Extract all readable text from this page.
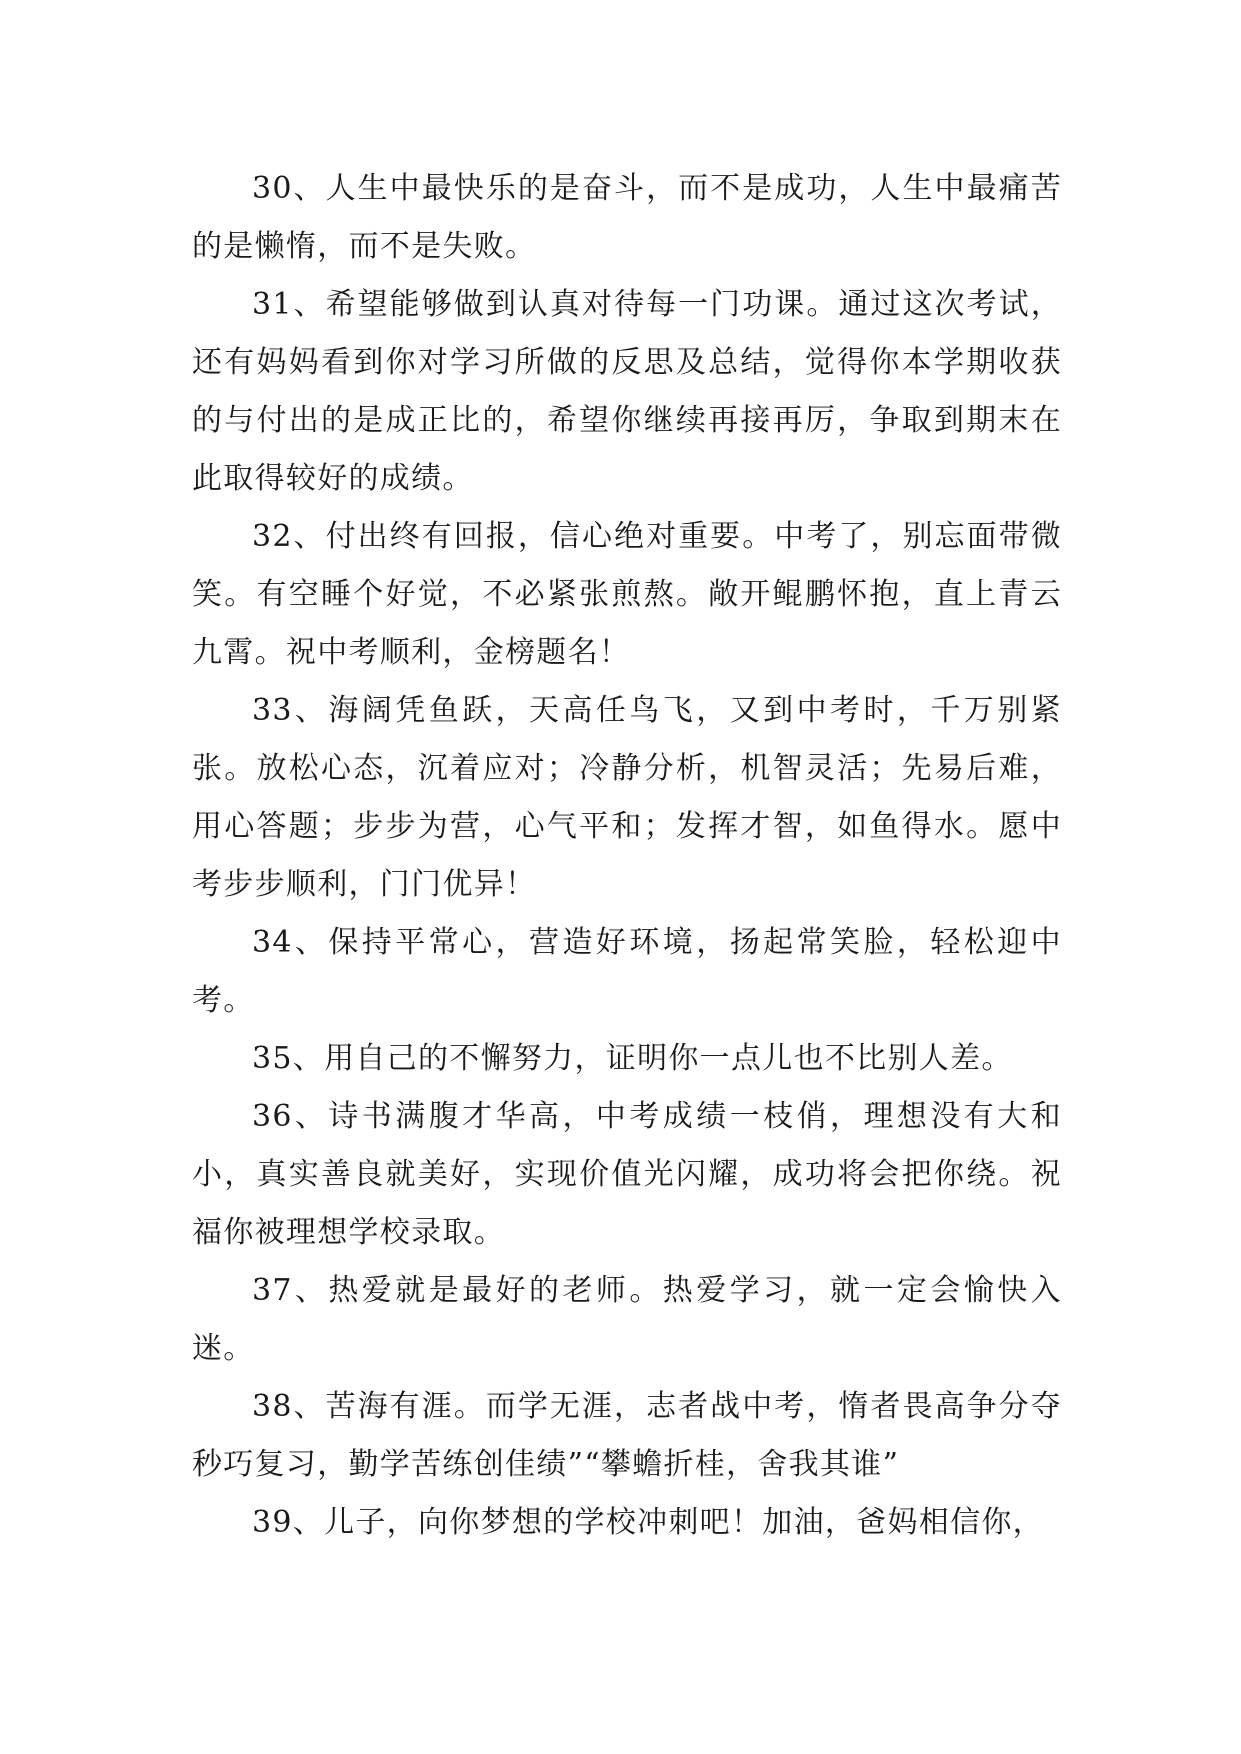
30、人生中最快乐的是奋斗，而不是成功，人生中最痛苦的是懒惰，而不是失败。

31、希望能够做到认真对待每一门功课。通过这次考试，还有妈妈看到你对学习所做的反思及总结，觉得你本学期收获的与付出的是成正比的，希望你继续再接再厉，争取到期末在此取得较好的成绩。

32、付出终有回报，信心绝对重要。中考了，别忘面带微笑。有空睡个好觉，不必紧张煎熬。敞开鲲鹏怀抱，直上青云九霄。祝中考顺利，金榜题名！

33、海阔凭鱼跃，天高任鸟飞，又到中考时，千万别紧张。放松心态，沉着应对；冷静分析，机智灵活；先易后难，用心答题；步步为营，心气平和；发挥才智，如鱼得水。愿中考步步顺利，门门优异！

34、保持平常心，营造好环境，扬起常笑脸，轻松迎中考。

35、用自己的不懈努力，证明你一点儿也不比别人差。

36、诗书满腹才华高，中考成绩一枝俏，理想没有大和小，真实善良就美好，实现价值光闪耀，成功将会把你绕。祝福你被理想学校录取。

37、热爱就是最好的老师。热爱学习，就一定会愉快入迷。

38、苦海有涯。而学无涯，志者战中考，惰者畏高争分夺秒巧复习，勤学苦练创佳绩”“攀蟾折桂，舍我其谁”

39、儿子，向你梦想的学校冲刺吧！加油，爸妈相信你，
